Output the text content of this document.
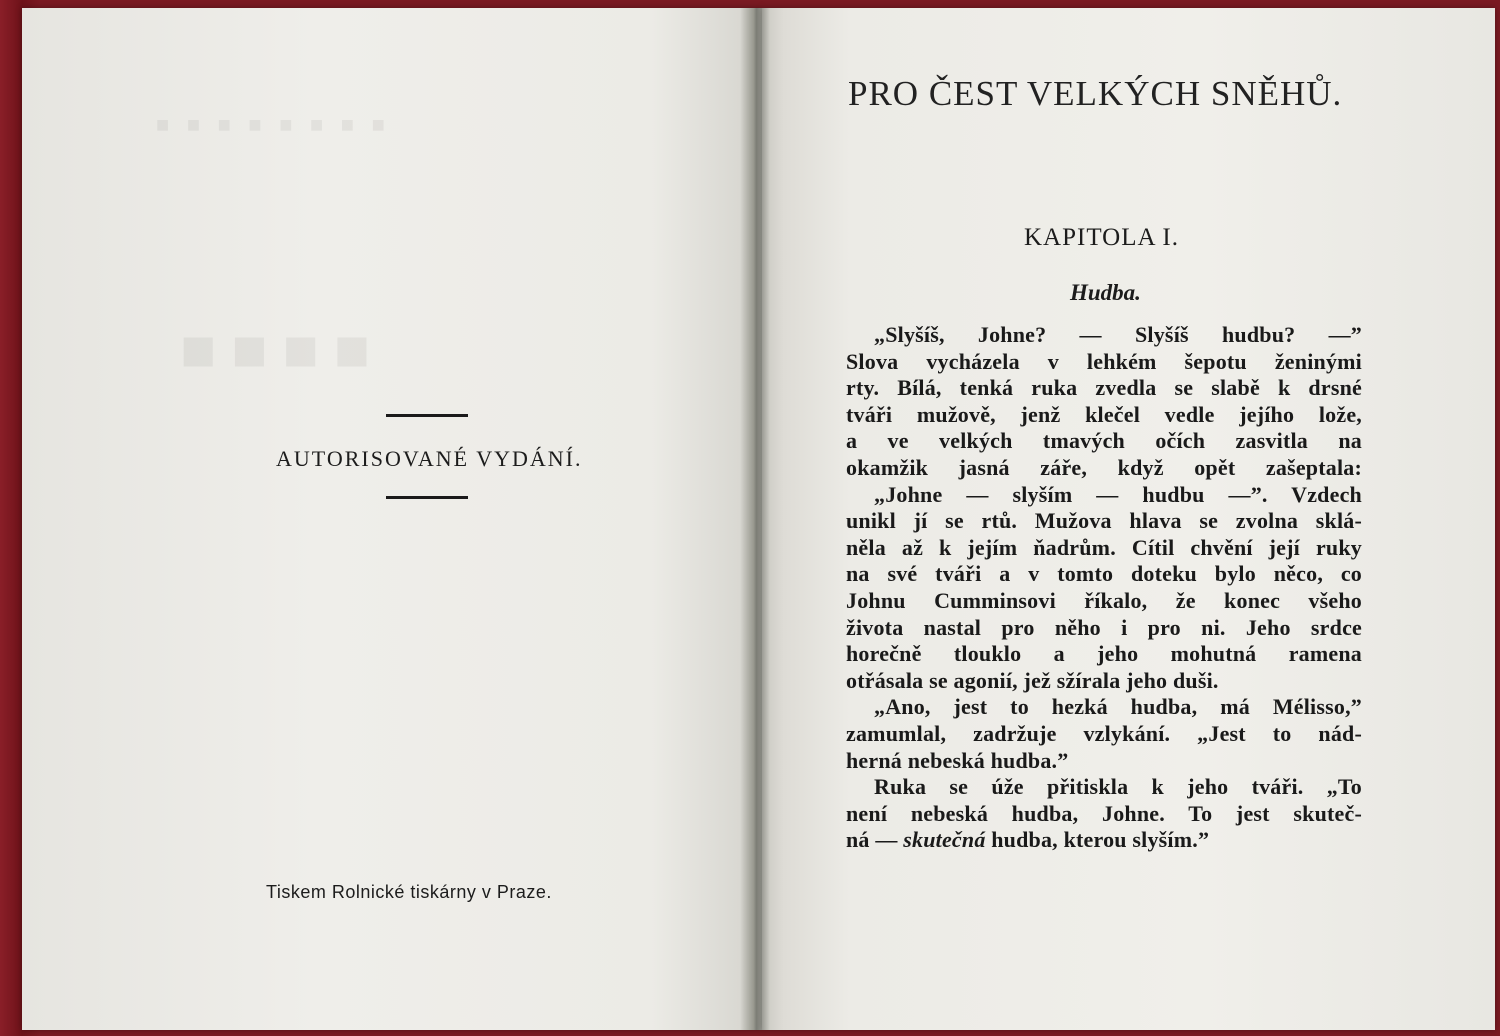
■ ■ ■ ■ ■ ■ ■ ■
■ ■ ■ ■
AUTORISOVANÉ VYDÁNÍ.
Tiskem Rolnické tiskárny v Praze.
PRO ČEST VELKÝCH SNĚHŮ.
KAPITOLA I.
Hudba.
„Slyšíš, Johne? — Slyšíš hudbu? —”
Slova vycházela v lehkém šepotu ženinými
rty. Bílá, tenká ruka zvedla se slabě k drsné
tváři mužově, jenž klečel vedle jejího lože,
a ve velkých tmavých očích zasvitla na
okamžik jasná záře, když opět zašeptala:
„Johne — slyším — hudbu —”. Vzdech
unikl jí se rtů. Mužova hlava se zvolna sklá-
něla až k jejím ňadrům. Cítil chvění její ruky
na své tváři a v tomto doteku bylo něco, co
Johnu Cumminsovi říkalo, že konec všeho
života nastal pro něho i pro ni. Jeho srdce
horečně tlouklo a jeho mohutná ramena
otřásala se agonií, jež sžírala jeho duši.
„Ano, jest to hezká hudba, má Mélisso,”
zamumlal, zadržuje vzlykání. „Jest to nád-
herná nebeská hudba.”
Ruka se úže přitiskla k jeho tváři. „To
není nebeská hudba, Johne. To jest skuteč-
ná — skutečná hudba, kterou slyším.”
